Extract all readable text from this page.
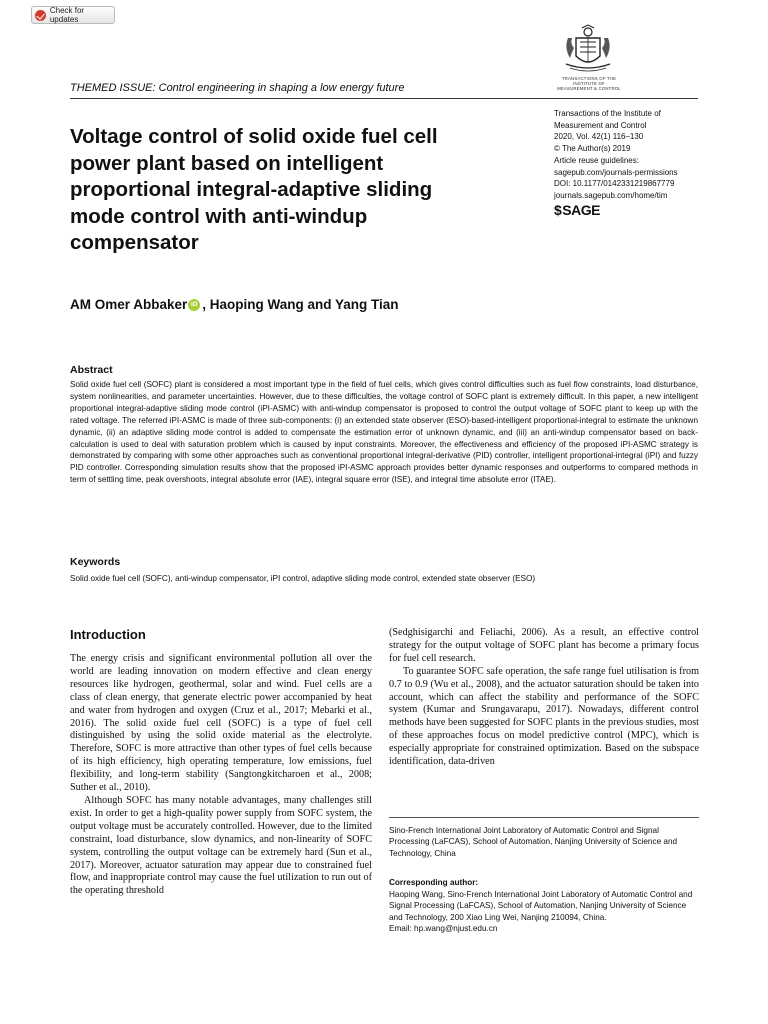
Check for updates
TRANSACTIONS OF THE
INSTITUTE OF
MEASUREMENT & CONTROL
THEMED ISSUE: Control engineering in shaping a low energy future
Voltage control of solid oxide fuel cell power plant based on intelligent proportional integral-adaptive sliding mode control with anti-windup compensator
Transactions of the Institute of
Measurement and Control
2020, Vol. 42(1) 116–130
© The Author(s) 2019
Article reuse guidelines:
sagepub.com/journals-permissions
DOI: 10.1177/0142331219867779
journals.sagepub.com/home/tim
$ SAGE
AM Omer Abbaker iD , Haoping Wang and Yang Tian
Abstract

Solid oxide fuel cell (SOFC) plant is considered a most important type in the field of fuel cells, which gives control difficulties such as fuel flow constraints, load disturbance, system nonlinearities, and parameter uncertainties. However, due to these difficulties, the voltage control of SOFC plant is extremely difficult. In this paper, a new intelligent proportional integral-adaptive sliding mode control (iPI-ASMC) with anti-windup compensator is proposed to control the output voltage of SOFC plant to keep up with the rated voltage. The referred iPI-ASMC is made of three sub-components: (i) an extended state observer (ESO)-based-intelligent proportional-integral to estimate the unknown dynamic, (ii) an adaptive sliding mode control is added to compensate the estimation error of unknown dynamic, and (iii) an anti-windup compensator based on back-calculation is used to deal with saturation problem which is caused by input constraints. Moreover, the effectiveness and efficiency of the proposed iPI-ASMC strategy is demonstrated by comparing with some other approaches such as conventional proportional integral-derivative (PID) controller, intelligent proportional-integral (iPI) and fuzzy PID controller. Corresponding simulation results show that the proposed iPI-ASMC approach provides better dynamic responses and outperforms to compared methods in term of settling time, peak overshoots, integral absolute error (IAE), integral square error (ISE), and integral time absolute error (ITAE).

Keywords

Solid oxide fuel cell (SOFC), anti-windup compensator, iPI control, adaptive sliding mode control, extended state observer (ESO)

Introduction

The energy crisis and significant environmental pollution all over the world are leading innovation on modern effective and clean energy resources like hydrogen, geothermal, solar and wind. Fuel cells are a class of clean energy, that generate electric power accompanied by heat and water from hydrogen and oxygen (Cruz et al., 2017; Mebarki et al., 2016). The solid oxide fuel cell (SOFC) is a type of fuel cell distinguished by using the solid oxide material as the electrolyte. Therefore, SOFC is more attractive than other types of fuel cells because of its high efficiency, high operating temperature, low emissions, fuel flexibility, and long-term stability (Sangtongkitcharoen et al., 2008; Suther et al., 2010).

Although SOFC has many notable advantages, many challenges still exist. In order to get a high-quality power supply from SOFC system, the output voltage must be accurately controlled. However, due to the limited constraint, load disturbance, slow dynamics, and non-linearity of SOFC system, controlling the output voltage can be extremely hard (Sun et al., 2017). Moreover, actuator saturation may appear due to constrained fuel flow, and inappropriate control may cause the fuel utilization to run out of the operating threshold

(Sedghisigarchi and Feliachi, 2006). As a result, an effective control strategy for the output voltage of SOFC plant has become a primary focus for fuel cell research.

To guarantee SOFC safe operation, the safe range fuel utilisation is from 0.7 to 0.9 (Wu et al., 2008), and the actuator saturation should be taken into account, which can affect the stability and performance of the SOFC system (Kumar and Srungavarapu, 2017). Nowadays, different control methods have been suggested for SOFC plants in the previous studies, most of these approaches focus on model predictive control (MPC), which is especially appropriate for constrained optimization. Based on the subspace identification, data-driven

Sino-French International Joint Laboratory of Automatic Control and Signal Processing (LaFCAS), School of Automation, Nanjing University of Science and Technology, China
Corresponding author:
Haoping Wang, Sino-French International Joint Laboratory of Automatic Control and Signal Processing (LaFCAS), School of Automation, Nanjing University of Science and Technology, 200 Xiao Ling Wei, Nanjing 210094, China.
Email: hp.wang@njust.edu.cn
